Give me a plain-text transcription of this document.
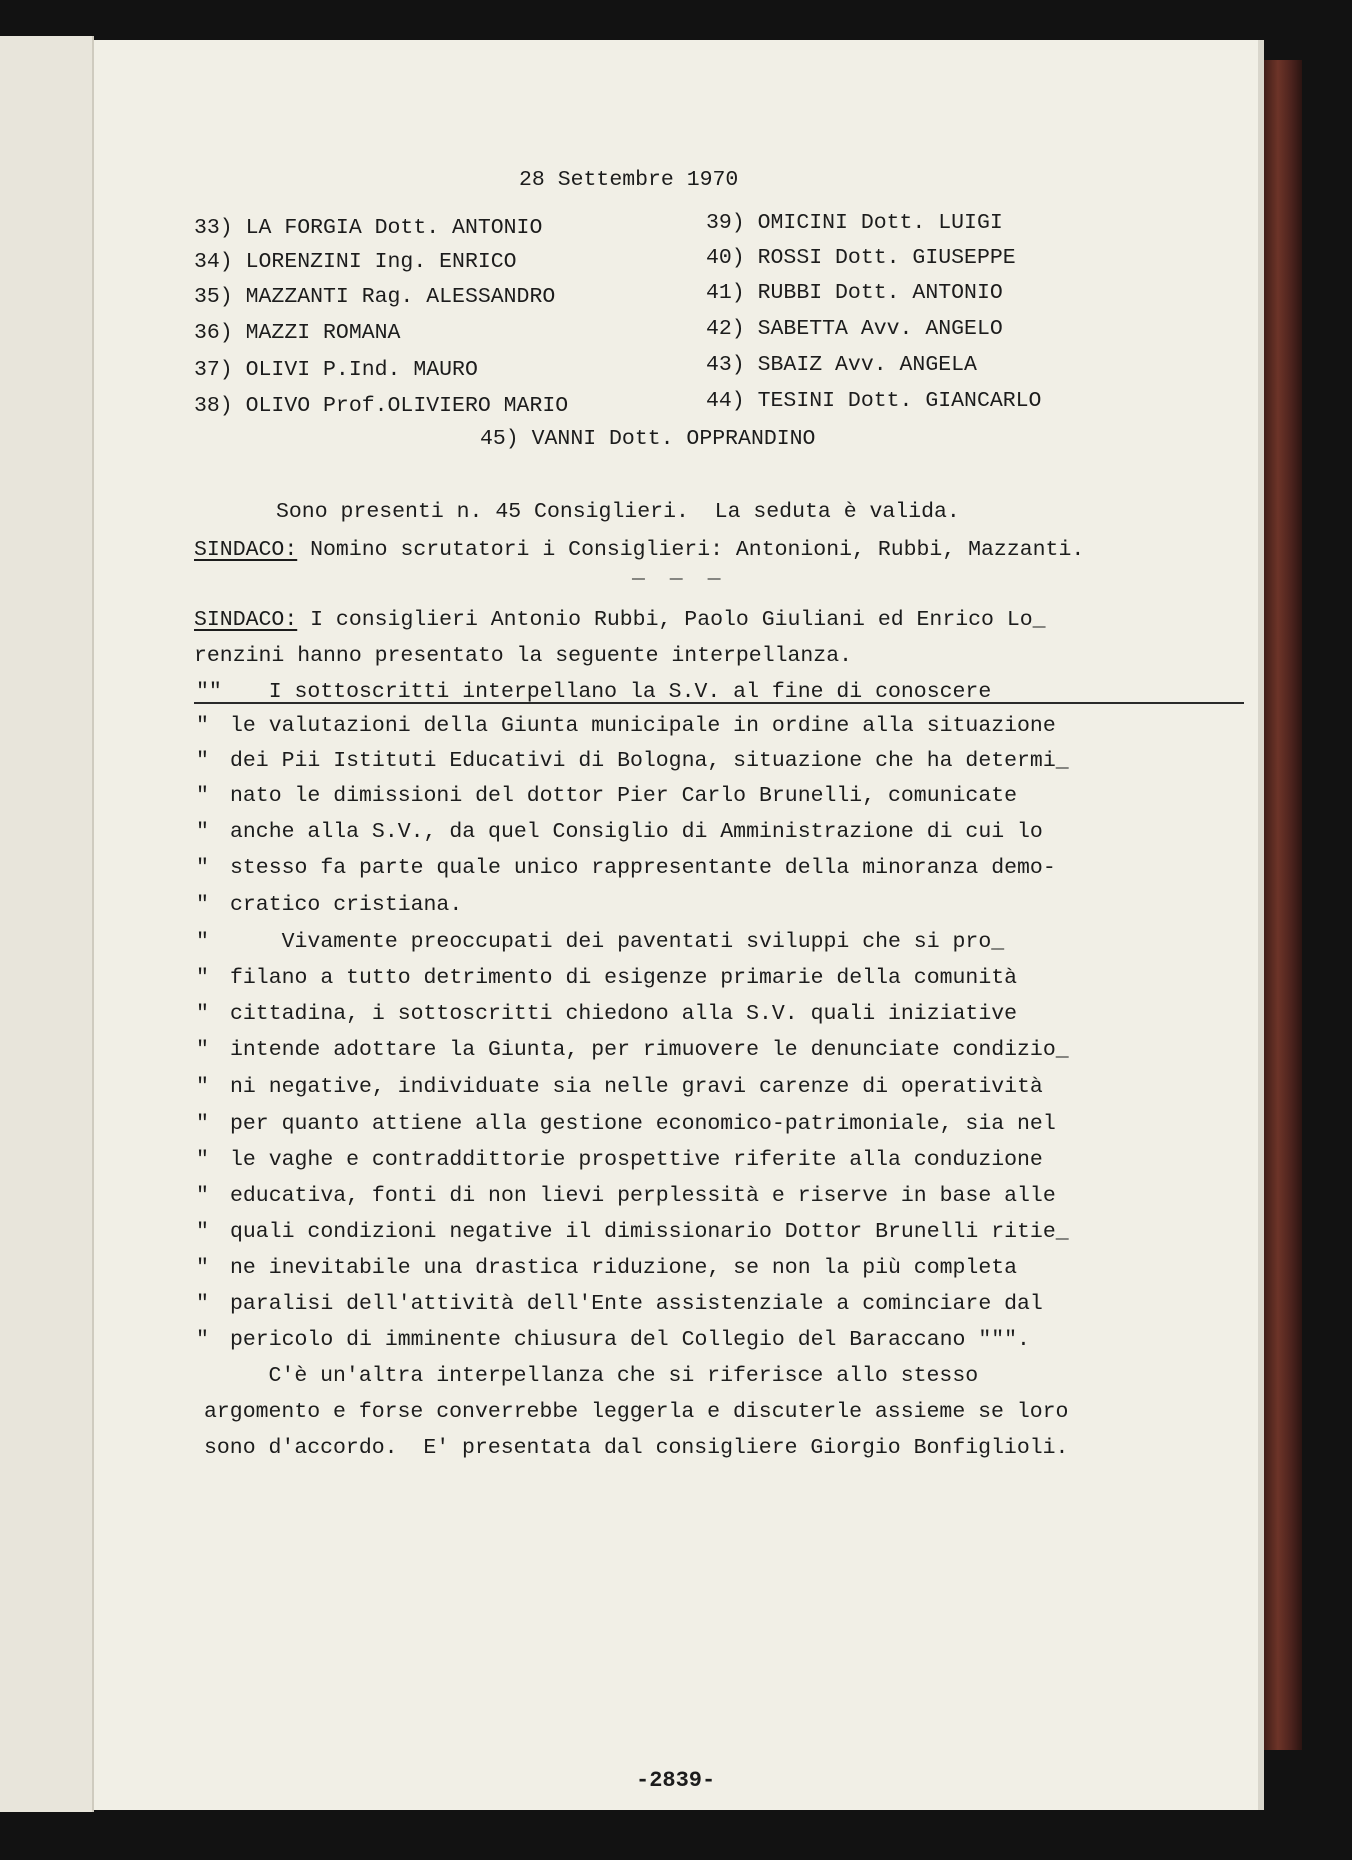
28 Settembre 1970
33) LA FORGIA Dott. ANTONIO
34) LORENZINI Ing. ENRICO
35) MAZZANTI Rag. ALESSANDRO
36) MAZZI ROMANA
37) OLIVI P.Ind. MAURO
38) OLIVO Prof.OLIVIERO MARIO
39) OMICINI Dott. LUIGI
40) ROSSI Dott. GIUSEPPE
41) RUBBI Dott. ANTONIO
42) SABETTA Avv. ANGELO
43) SBAIZ Avv. ANGELA
44) TESINI Dott. GIANCARLO
45) VANNI Dott. OPPRANDINO
_ _ _
Sono presenti n. 45 Consiglieri.  La seduta è valida.
SINDACO: Nomino scrutatori i Consiglieri: Antonioni, Rubbi, Mazzanti.
SINDACO: I consiglieri Antonio Rubbi, Paolo Giuliani ed Enrico Lo_
renzini hanno presentato la seguente interpellanza.
"" I sottoscritti interpellano la S.V. al fine di conoscere
" le valutazioni della Giunta municipale in ordine alla situazione
" dei Pii Istituti Educativi di Bologna, situazione che ha determi_
" nato le dimissioni del dottor Pier Carlo Brunelli, comunicate
" anche alla S.V., da quel Consiglio di Amministrazione di cui lo
" stesso fa parte quale unico rappresentante della minoranza demo-
" cratico cristiana.
" Vivamente preoccupati dei paventati sviluppi che si pro_
" filano a tutto detrimento di esigenze primarie della comunità
" cittadina, i sottoscritti chiedono alla S.V. quali iniziative
" intende adottare la Giunta, per rimuovere le denunciate condizio_
" ni negative, individuate sia nelle gravi carenze di operatività
" per quanto attiene alla gestione economico-patrimoniale, sia nel
" le vaghe e contraddittorie prospettive riferite alla conduzione
" educativa, fonti di non lievi perplessità e riserve in base alle
" quali condizioni negative il dimissionario Dottor Brunelli ritie_
" ne inevitabile una drastica riduzione, se non la più completa
" paralisi dell'attività dell'Ente assistenziale a cominciare dal
" pericolo di imminente chiusura del Collegio del Baraccano """.
C'è un'altra interpellanza che si riferisce allo stesso
argomento e forse converrebbe leggerla e discuterle assieme se loro
sono d'accordo.  E' presentata dal consigliere Giorgio Bonfiglioli.
-2839-
